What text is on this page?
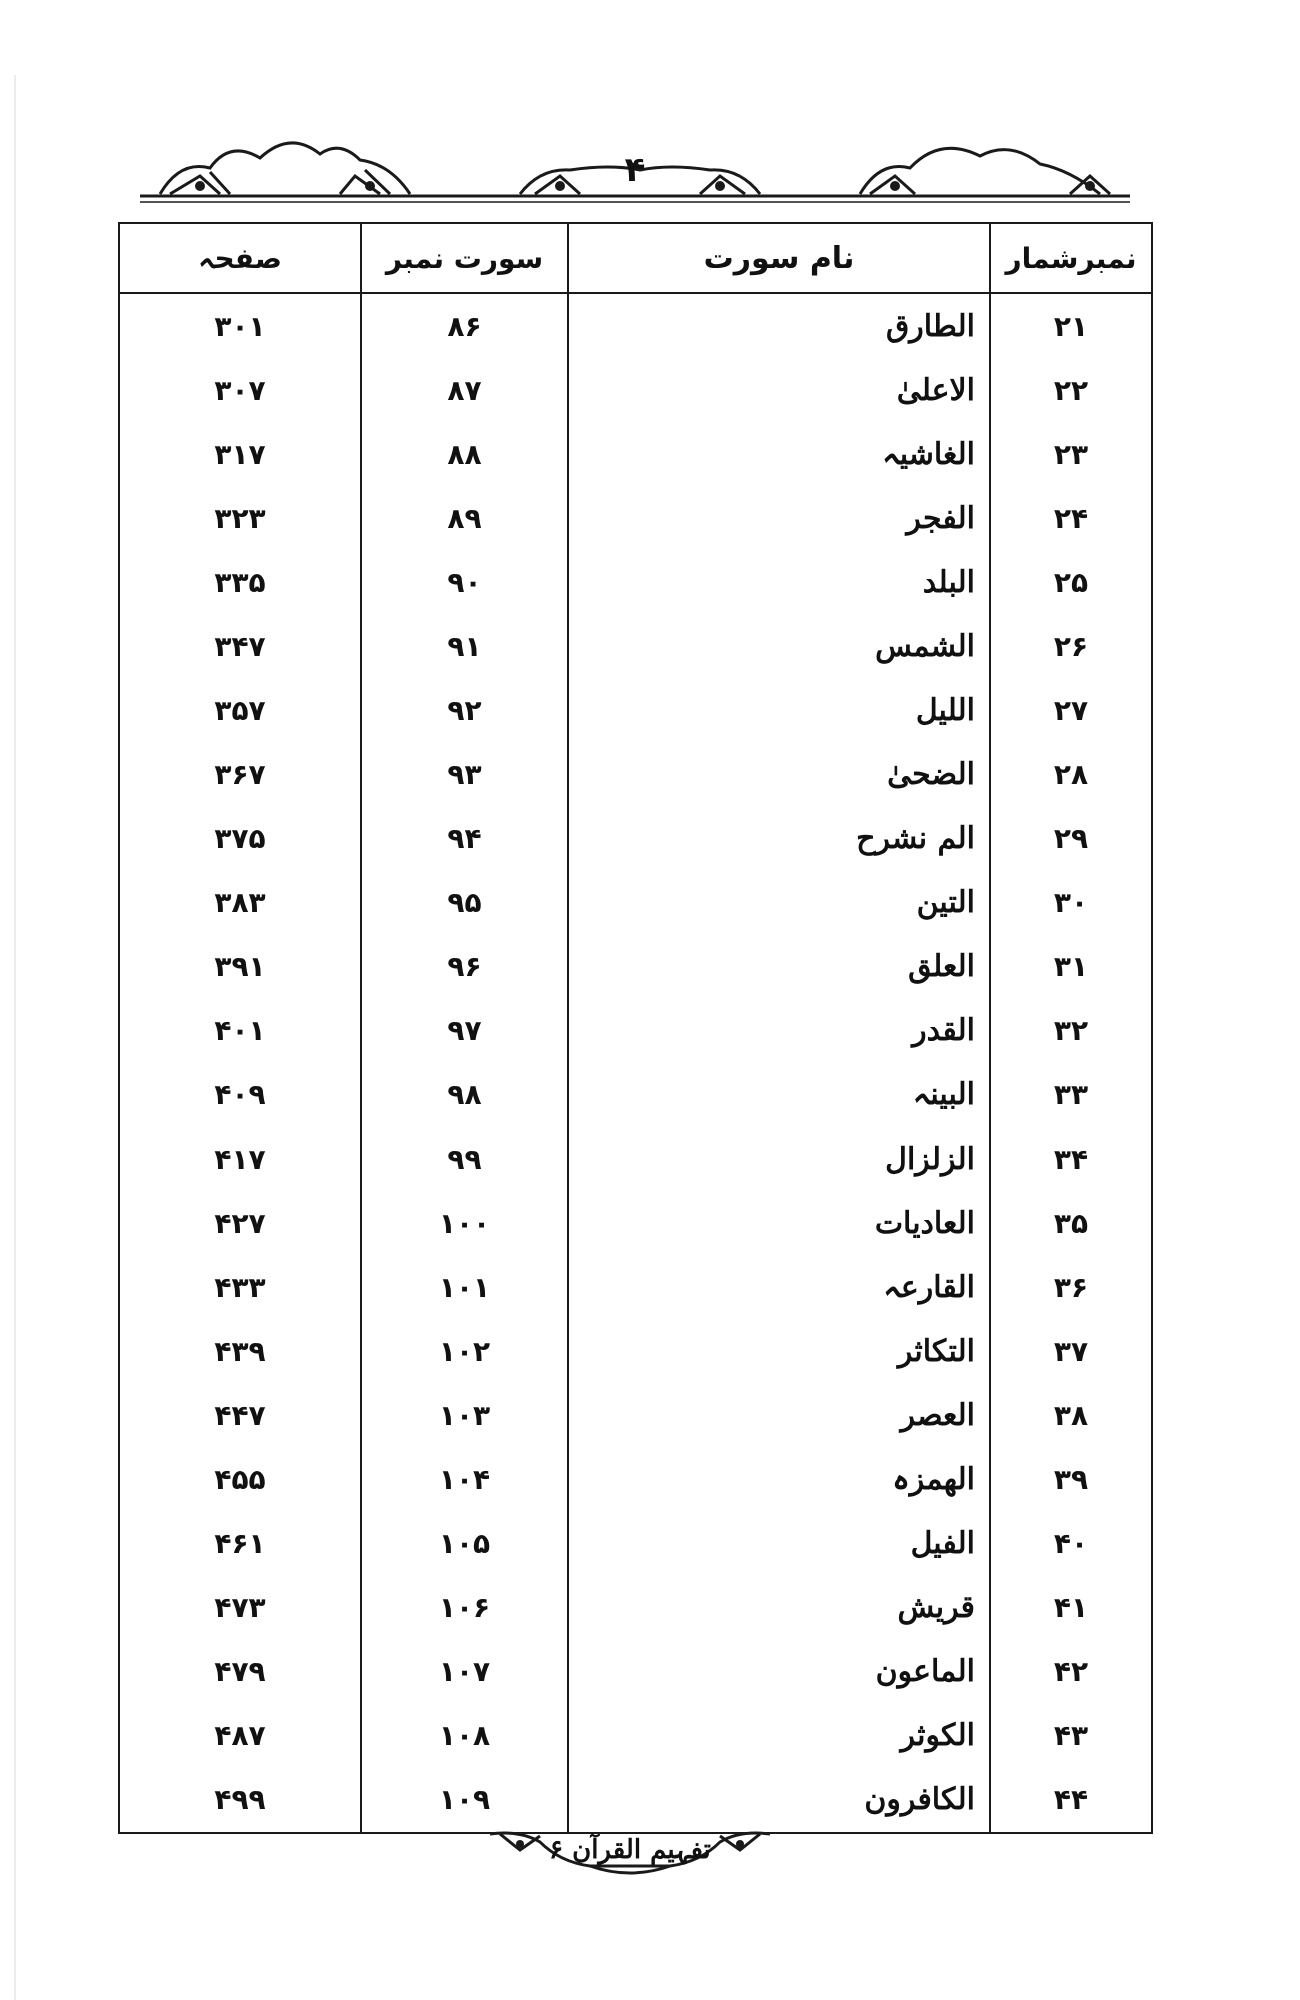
۴
نمبرشمار	نام سورت	سورت نمبر	صفحہ
۲۱	الطارق	۸۶	۳۰۱
۲۲	الاعلیٰ	۸۷	۳۰۷
۲۳	الغاشیہ	۸۸	۳۱۷
۲۴	الفجر	۸۹	۳۲۳
۲۵	البلد	۹۰	۳۳۵
۲۶	الشمس	۹۱	۳۴۷
۲۷	اللیل	۹۲	۳۵۷
۲۸	الضحیٰ	۹۳	۳۶۷
۲۹	الم نشرح	۹۴	۳۷۵
۳۰	التین	۹۵	۳۸۳
۳۱	العلق	۹۶	۳۹۱
۳۲	القدر	۹۷	۴۰۱
۳۳	البینہ	۹۸	۴۰۹
۳۴	الزلزال	۹۹	۴۱۷
۳۵	العادیات	۱۰۰	۴۲۷
۳۶	القارعہ	۱۰۱	۴۳۳
۳۷	التکاثر	۱۰۲	۴۳۹
۳۸	العصر	۱۰۳	۴۴۷
۳۹	الھمزہ	۱۰۴	۴۵۵
۴۰	الفیل	۱۰۵	۴۶۱
۴۱	قریش	۱۰۶	۴۷۳
۴۲	الماعون	۱۰۷	۴۷۹
۴۳	الکوثر	۱۰۸	۴۸۷
۴۴	الکافرون	۱۰۹	۴۹۹
تفہیم القرآن ۶
